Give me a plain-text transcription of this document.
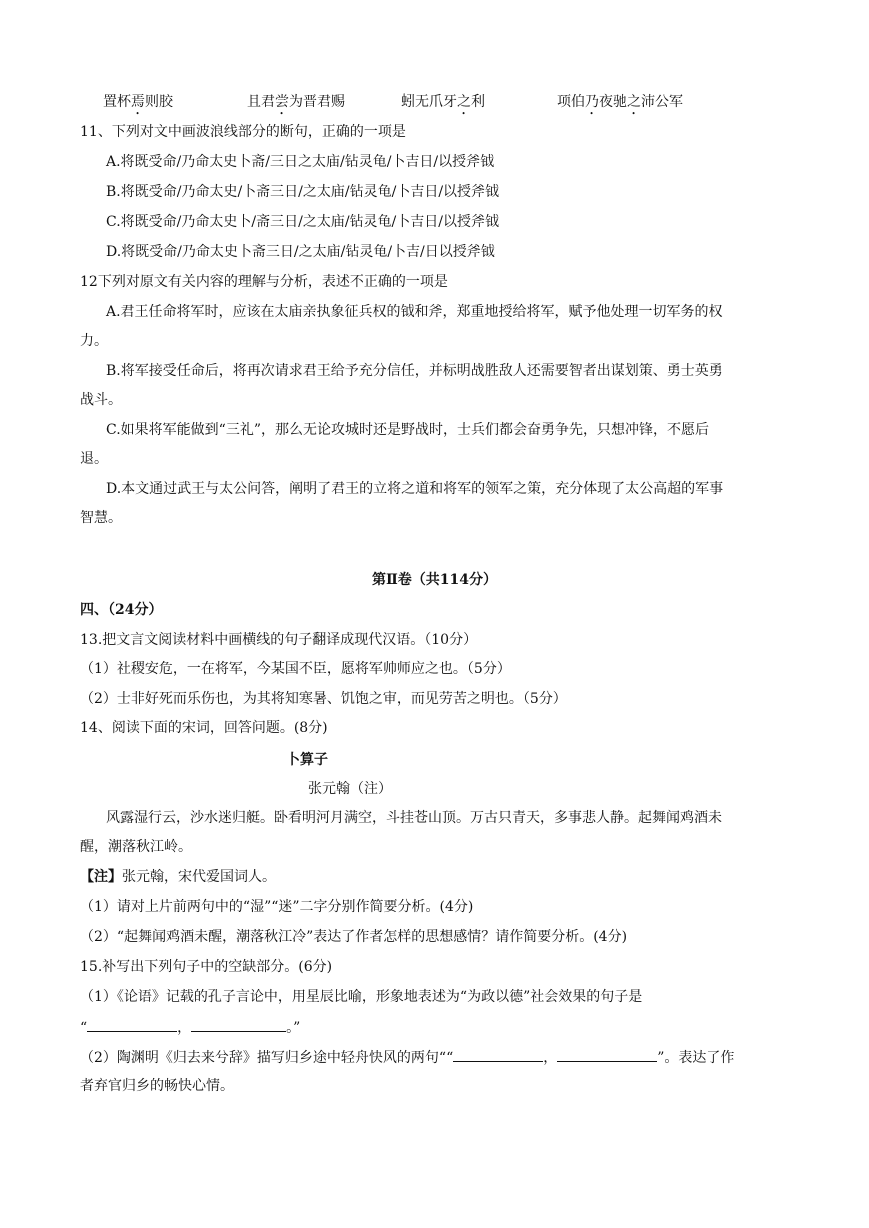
置杯焉则胶	且君尝为晋君赐	蚓无爪牙之利	项伯乃夜驰之沛公军
11、下列对文中画波浪线部分的断句，正确的一项是
A.将既受命/乃命太史卜斋/三日之太庙/钻灵龟/卜吉日/以授斧钺
B.将既受命/乃命太史/卜斋三日/之太庙/钻灵龟/卜吉日/以授斧钺
C.将既受命/乃命太史卜/斋三日/之太庙/钻灵龟/卜吉日/以授斧钺
D.将既受命/乃命太史卜斋三日/之太庙/钻灵龟/卜吉/日以授斧钺
12下列对原文有关内容的理解与分析，表述不正确的一项是
A.君王任命将军时，应该在太庙亲执象征兵权的钺和斧，郑重地授给将军，赋予他处理一切军务的权
力。
B.将军接受任命后，将再次请求君王给予充分信任，并标明战胜敌人还需要智者出谋划策、勇士英勇
战斗。
C.如果将军能做到“三礼”，那么无论攻城时还是野战时，士兵们都会奋勇争先，只想冲锋，不愿后
退。
D.本文通过武王与太公问答，阐明了君王的立将之道和将军的领军之策，充分体现了太公高超的军事
智慧。
第Ⅱ卷（共114分）
四、（24分）
13.把文言文阅读材料中画横线的句子翻译成现代汉语。（10分）
（1）社稷安危，一在将军，今某国不臣，愿将军帅师应之也。（5分）
（2）士非好死而乐伤也，为其将知寒暑、饥饱之审，而见劳苦之明也。（5分）
14、阅读下面的宋词，回答问题。(8分)
卜算子
张元翰（注）
风露湿行云，沙水迷归艇。卧看明河月满空，斗挂苍山顶。万古只青天，多事悲人静。起舞闻鸡酒未
醒，潮落秋江岭。
【注】张元翰，宋代爱国词人。
（1）请对上片前两句中的“湿”“迷”二字分别作简要分析。(4分)
（2）“起舞闻鸡酒未醒，潮落秋江冷”表达了作者怎样的思想感情？请作简要分析。(4分)
15.补写出下列句子中的空缺部分。(6分)
（1）《论语》记载的孔子言论中，用星辰比喻，形象地表述为“为政以德”社会效果的句子是
“	，	。”
（2）陶渊明《归去来兮辞》描写归乡途中轻舟快风的两句““	，	”。表达了作
者弃官归乡的畅快心情。
